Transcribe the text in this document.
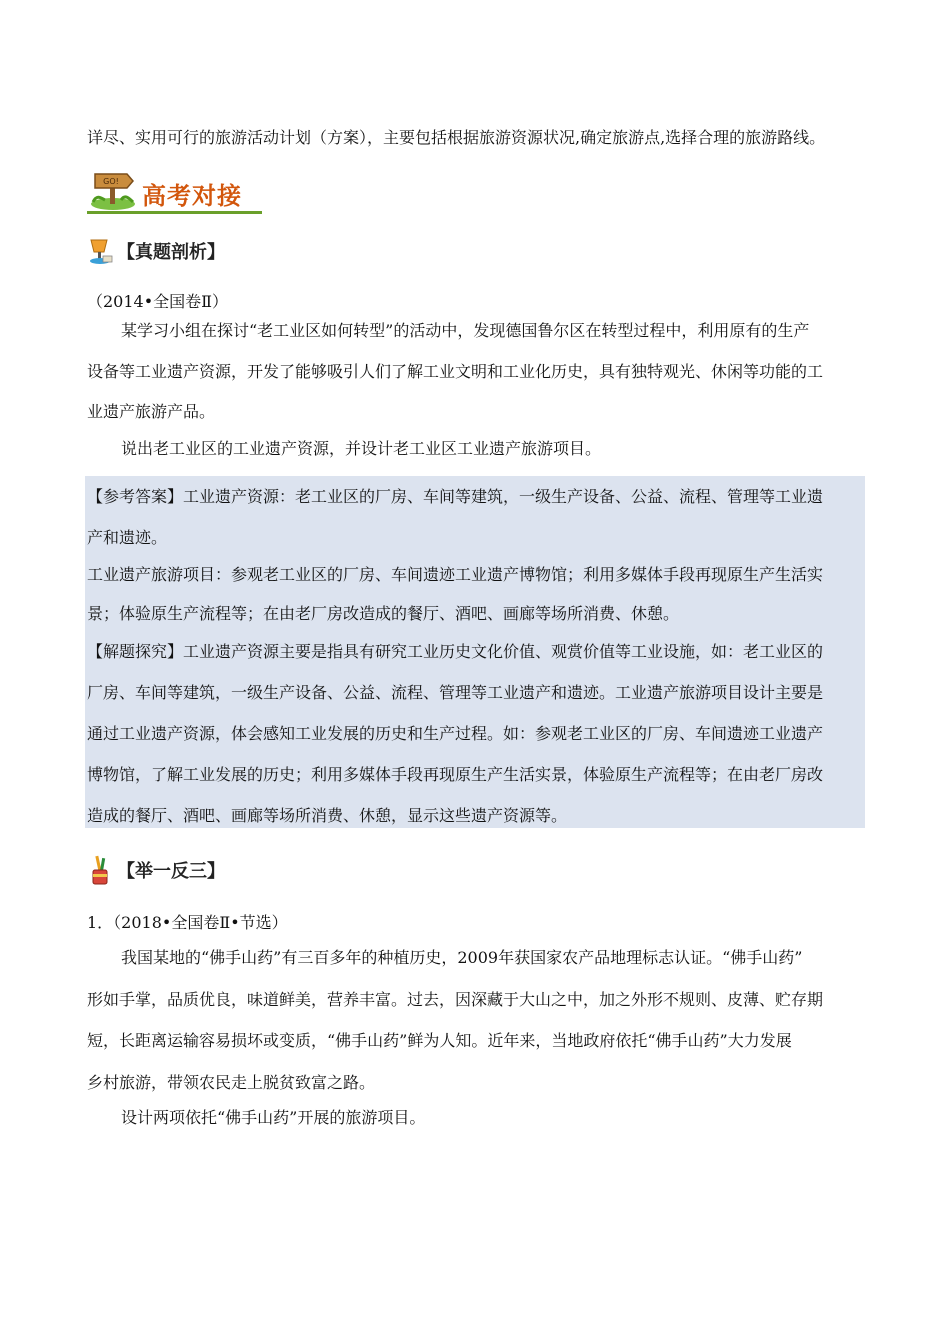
详尽、实用可行的旅游活动计划（方案），主要包括根据旅游资源状况,确定旅游点,选择合理的旅游路线。
GO!
高考对接
【真题剖析】
（2014•全国卷Ⅱ）
某学习小组在探讨“老工业区如何转型”的活动中，发现德国鲁尔区在转型过程中，利用原有的生产
设备等工业遗产资源，开发了能够吸引人们了解工业文明和工业化历史，具有独特观光、休闲等功能的工
业遗产旅游产品。
说出老工业区的工业遗产资源，并设计老工业区工业遗产旅游项目。
【参考答案】工业遗产资源：老工业区的厂房、车间等建筑，一级生产设备、公益、流程、管理等工业遗
产和遗迹。
工业遗产旅游项目：参观老工业区的厂房、车间遗迹工业遗产博物馆；利用多媒体手段再现原生产生活实
景；体验原生产流程等；在由老厂房改造成的餐厅、酒吧、画廊等场所消费、休憩。
【解题探究】工业遗产资源主要是指具有研究工业历史文化价值、观赏价值等工业设施，如：老工业区的
厂房、车间等建筑，一级生产设备、公益、流程、管理等工业遗产和遗迹。工业遗产旅游项目设计主要是
通过工业遗产资源，体会感知工业发展的历史和生产过程。如：参观老工业区的厂房、车间遗迹工业遗产
博物馆，了解工业发展的历史；利用多媒体手段再现原生产生活实景，体验原生产流程等；在由老厂房改
造成的餐厅、酒吧、画廊等场所消费、休憩，显示这些遗产资源等。
【举一反三】
1．（2018•全国卷Ⅱ•节选）
我国某地的“佛手山药”有三百多年的种植历史，2009年获国家农产品地理标志认证。“佛手山药”
形如手掌，品质优良，味道鲜美，营养丰富。过去，因深藏于大山之中，加之外形不规则、皮薄、贮存期
短，长距离运输容易损坏或变质，“佛手山药”鲜为人知。近年来，当地政府依托“佛手山药”大力发展
乡村旅游，带领农民走上脱贫致富之路。
设计两项依托“佛手山药”开展的旅游项目。
